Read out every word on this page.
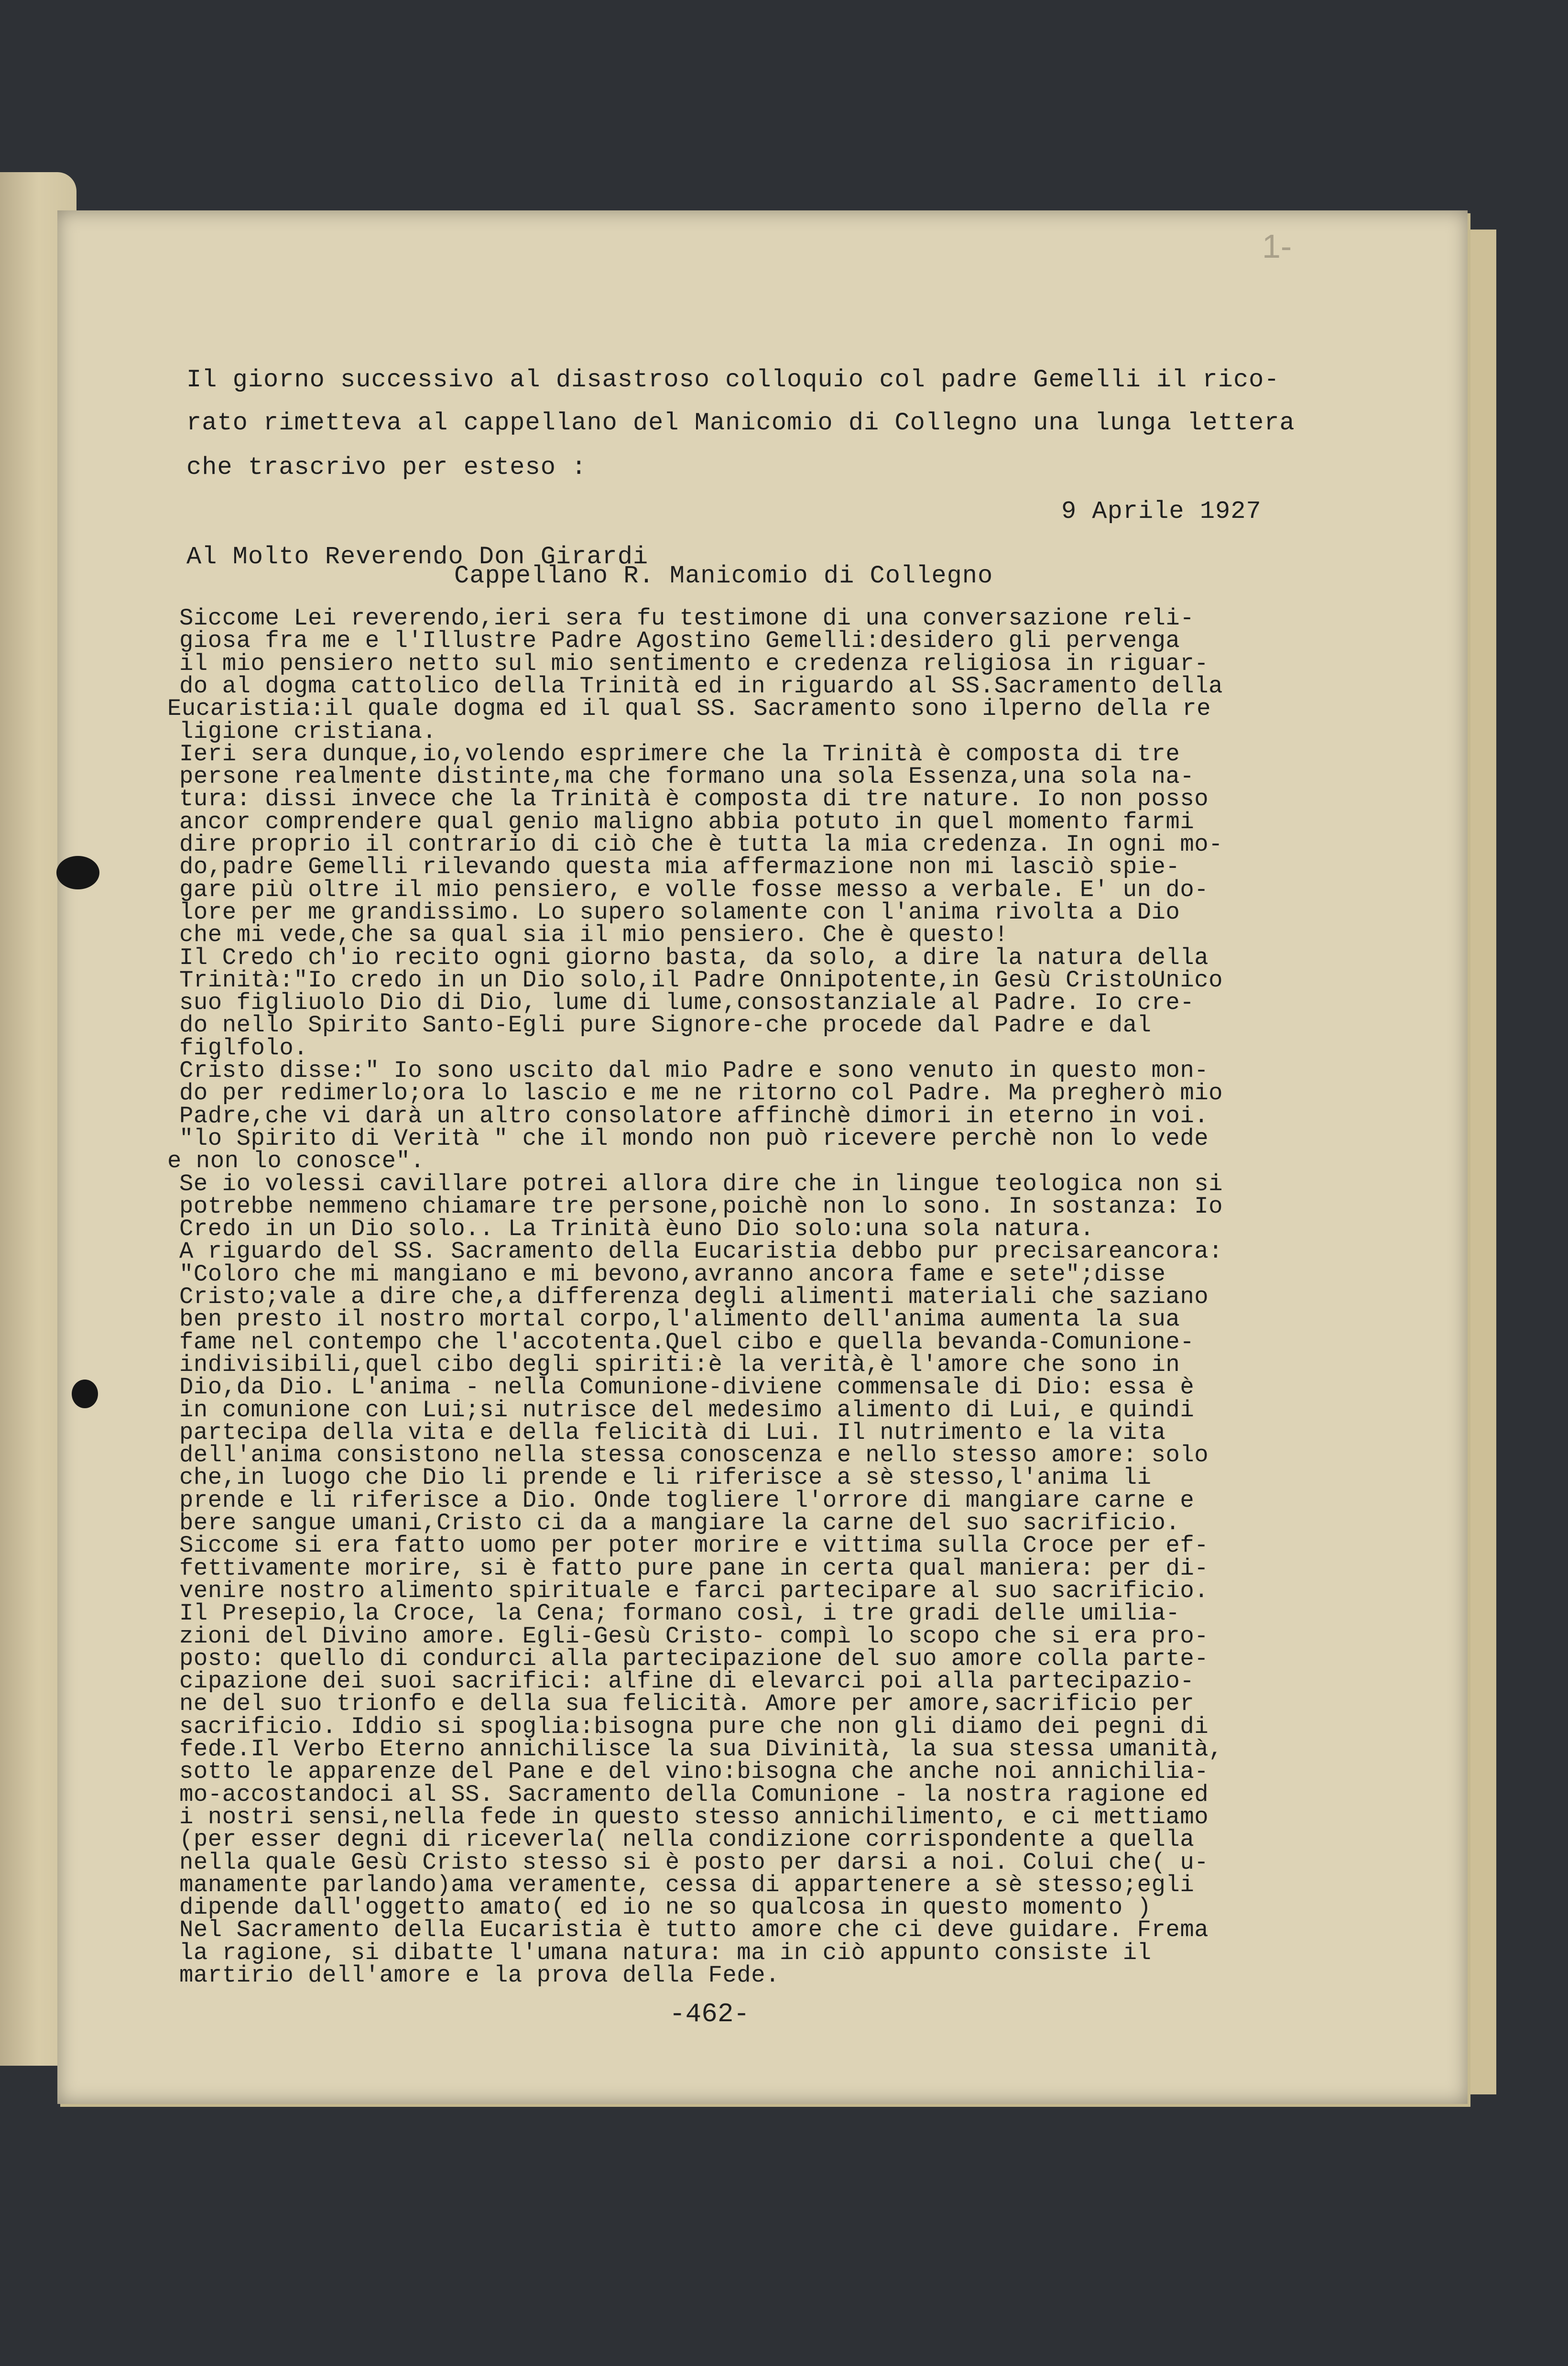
1-
Il giorno successivo al disastroso colloquio col padre Gemelli il rico-
rato rimetteva al cappellano del Manicomio di Collegno una lunga lettera
che trascrivo per esteso :
9 Aprile 1927
Al Molto Reverendo Don Girardi
Cappellano R. Manicomio di Collegno
Siccome Lei reverendo,ieri sera fu testimone di una conversazione reli-
giosa fra me e l'Illustre Padre Agostino Gemelli:desidero gli pervenga
il mio pensiero netto sul mio sentimento e credenza religiosa in riguar-
do al dogma cattolico della Trinità ed in riguardo al SS.Sacramento della
Eucaristia:il quale dogma ed il qual SS. Sacramento sono ilperno della re
ligione cristiana.
Ieri sera dunque,io,volendo esprimere che la Trinità è composta di tre
persone realmente distinte,ma che formano una sola Essenza,una sola na-
tura: dissi invece che la Trinità è composta di tre nature. Io non posso
ancor comprendere qual genio maligno abbia potuto in quel momento farmi
dire proprio il contrario di ciò che è tutta la mia credenza. In ogni mo-
do,padre Gemelli rilevando questa mia affermazione non mi lasciò spie-
gare più oltre il mio pensiero, e volle fosse messo a verbale. E' un do-
lore per me grandissimo. Lo supero solamente con l'anima rivolta a Dio
che mi vede,che sa qual sia il mio pensiero. Che è questo!
Il Credo ch'io recito ogni giorno basta, da solo, a dire la natura della
Trinità:"Io credo in un Dio solo,il Padre Onnipotente,in Gesù CristoUnico
suo figliuolo Dio di Dio, lume di lume,consostanziale al Padre. Io cre-
do nello Spirito Santo-Egli pure Signore-che procede dal Padre e dal
figlfolo.
Cristo disse:" Io sono uscito dal mio Padre e sono venuto in questo mon-
do per redimerlo;ora lo lascio e me ne ritorno col Padre. Ma pregherò mio
Padre,che vi darà un altro consolatore affinchè dimori in eterno in voi.
"lo Spirito di Verità " che il mondo non può ricevere perchè non lo vede
e non lo conosce".
Se io volessi cavillare potrei allora dire che in lingue teologica non si
potrebbe nemmeno chiamare tre persone,poichè non lo sono. In sostanza: Io
Credo in un Dio solo.. La Trinità èuno Dio solo:una sola natura.
A riguardo del SS. Sacramento della Eucaristia debbo pur precisareancora:
"Coloro che mi mangiano e mi bevono,avranno ancora fame e sete";disse
Cristo;vale a dire che,a differenza degli alimenti materiali che saziano
ben presto il nostro mortal corpo,l'alimento dell'anima aumenta la sua
fame nel contempo che l'accotenta.Quel cibo e quella bevanda-Comunione-
indivisibili,quel cibo degli spiriti:è la verità,è l'amore che sono in
Dio,da Dio. L'anima - nella Comunione-diviene commensale di Dio: essa è
in comunione con Lui;si nutrisce del medesimo alimento di Lui, e quindi
partecipa della vita e della felicità di Lui. Il nutrimento e la vita
dell'anima consistono nella stessa conoscenza e nello stesso amore: solo
che,in luogo che Dio li prende e li riferisce a sè stesso,l'anima li
prende e li riferisce a Dio. Onde togliere l'orrore di mangiare carne e
bere sangue umani,Cristo ci da a mangiare la carne del suo sacrificio.
Siccome si era fatto uomo per poter morire e vittima sulla Croce per ef-
fettivamente morire, si è fatto pure pane in certa qual maniera: per di-
venire nostro alimento spirituale e farci partecipare al suo sacrificio.
Il Presepio,la Croce, la Cena; formano così, i tre gradi delle umilia-
zioni del Divino amore. Egli-Gesù Cristo- compì lo scopo che si era pro-
posto: quello di condurci alla partecipazione del suo amore colla parte-
cipazione dei suoi sacrifici: alfine di elevarci poi alla partecipazio-
ne del suo trionfo e della sua felicità. Amore per amore,sacrificio per
sacrificio. Iddio si spoglia:bisogna pure che non gli diamo dei pegni di
fede.Il Verbo Eterno annichilisce la sua Divinità, la sua stessa umanità,
sotto le apparenze del Pane e del vino:bisogna che anche noi annichilia-
mo-accostandoci al SS. Sacramento della Comunione - la nostra ragione ed
i nostri sensi,nella fede in questo stesso annichilimento, e ci mettiamo
(per esser degni di riceverla( nella condizione corrispondente a quella
nella quale Gesù Cristo stesso si è posto per darsi a noi. Colui che( u-
manamente parlando)ama veramente, cessa di appartenere a sè stesso;egli
dipende dall'oggetto amato( ed io ne so qualcosa in questo momento )
Nel Sacramento della Eucaristia è tutto amore che ci deve guidare. Frema
la ragione, si dibatte l'umana natura: ma in ciò appunto consiste il
martirio dell'amore e la prova della Fede.
-462-
